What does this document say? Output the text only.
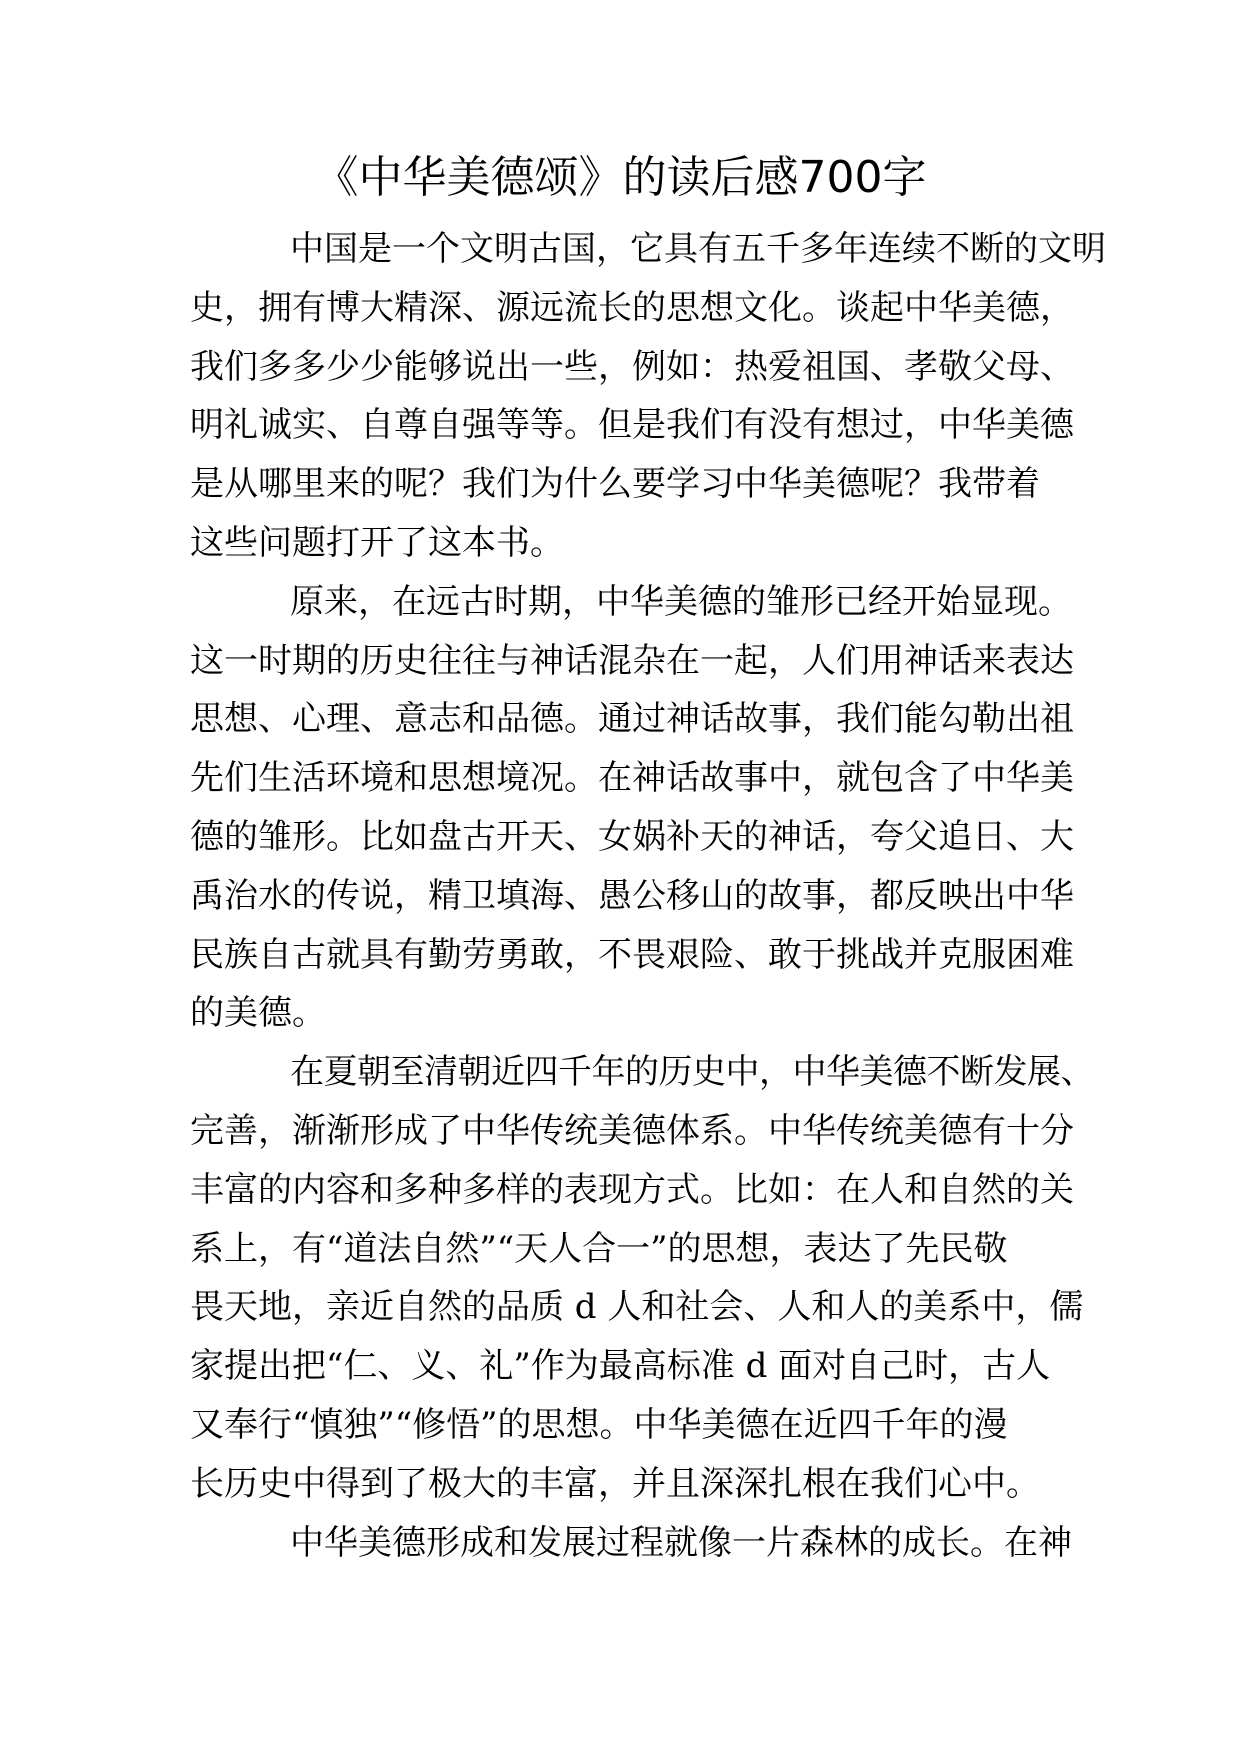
《中华美德颂》的读后感700字
中国是一个文明古国，它具有五千多年连续不断的文明
史，拥有博大精深、源远流长的思想文化。谈起中华美德，
我们多多少少能够说出一些，例如：热爱祖国、孝敬父母、
明礼诚实、自尊自强等等。但是我们有没有想过，中华美德
是从哪里来的呢？我们为什么要学习中华美德呢？我带着
这些问题打开了这本书。
原来，在远古时期，中华美德的雏形已经开始显现。
这一时期的历史往往与神话混杂在一起，人们用神话来表达
思想、心理、意志和品德。通过神话故事，我们能勾勒出祖
先们生活环境和思想境况。在神话故事中，就包含了中华美
德的雏形。比如盘古开天、女娲补天的神话，夸父追日、大
禹治水的传说，精卫填海、愚公移山的故事，都反映出中华
民族自古就具有勤劳勇敢，不畏艰险、敢于挑战并克服困难
的美德。
在夏朝至清朝近四千年的历史中，中华美德不断发展、
完善，渐渐形成了中华传统美德体系。中华传统美德有十分
丰富的内容和多种多样的表现方式。比如：在人和自然的关
系上，有“道法自然”“天人合一”的思想，表达了先民敬
畏天地，亲近自然的品质 d 人和社会、人和人的美系中，儒
家提出把“仁、义、礼”作为最高标准 d 面对自己时，古人
又奉行“慎独”“修悟”的思想。中华美德在近四千年的漫
长历史中得到了极大的丰富，并且深深扎根在我们心中。
中华美德形成和发展过程就像一片森林的成长。在神
